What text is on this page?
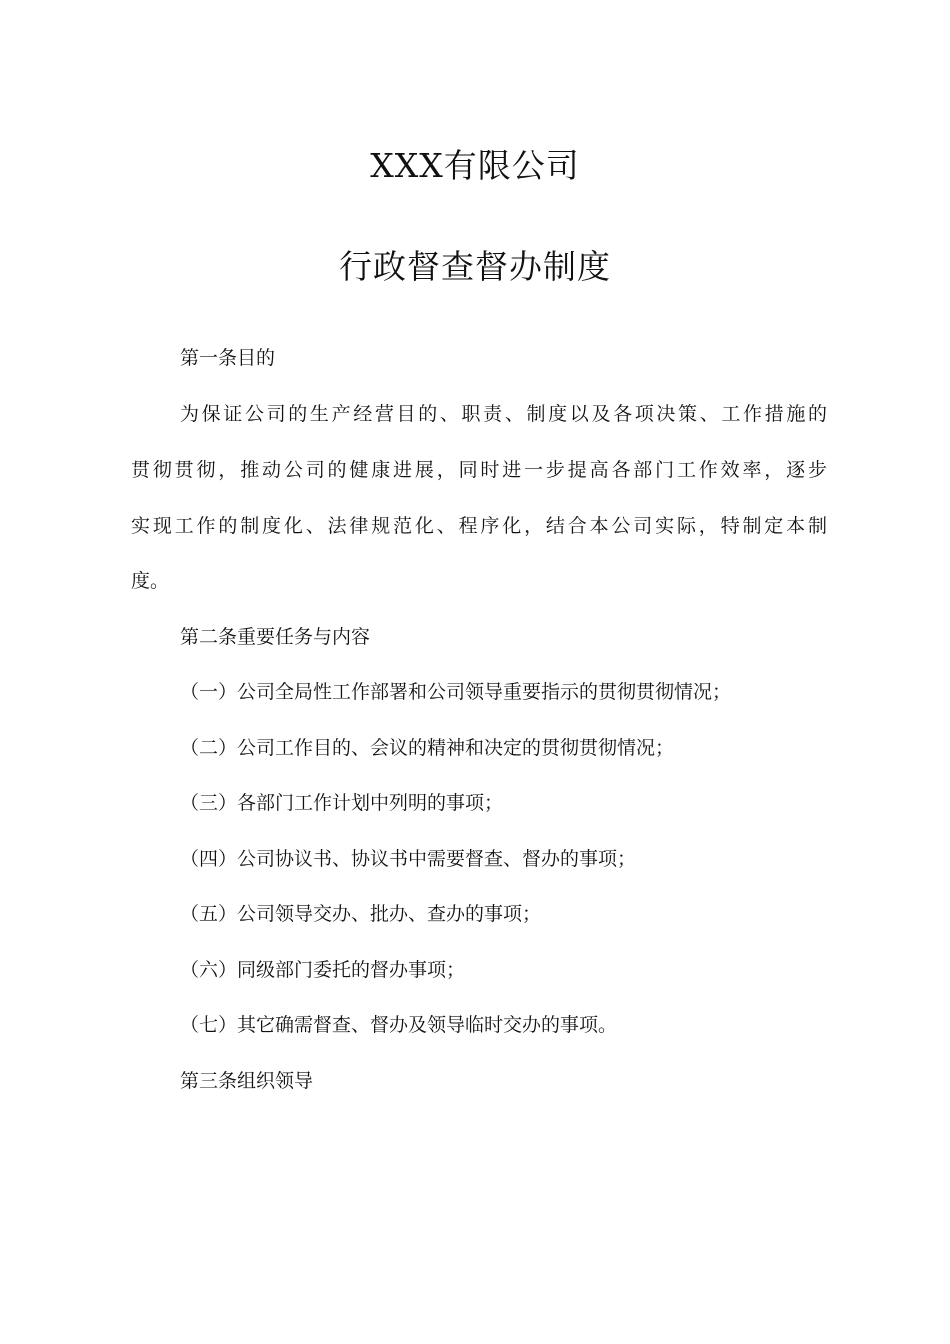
XXX有限公司
行政督查督办制度
第一条目的
为保证公司的生产经营目的、职责、制度以及各项决策、工作措施的
贯彻贯彻，推动公司的健康进展，同时进一步提高各部门工作效率，逐步
实现工作的制度化、法律规范化、程序化，结合本公司实际，特制定本制
度。
第二条重要任务与内容
（一）公司全局性工作部署和公司领导重要指示的贯彻贯彻情况；
（二）公司工作目的、会议的精神和决定的贯彻贯彻情况；
（三）各部门工作计划中列明的事项；
（四）公司协议书、协议书中需要督查、督办的事项；
（五）公司领导交办、批办、查办的事项；
（六）同级部门委托的督办事项；
（七）其它确需督查、督办及领导临时交办的事项。
第三条组织领导
